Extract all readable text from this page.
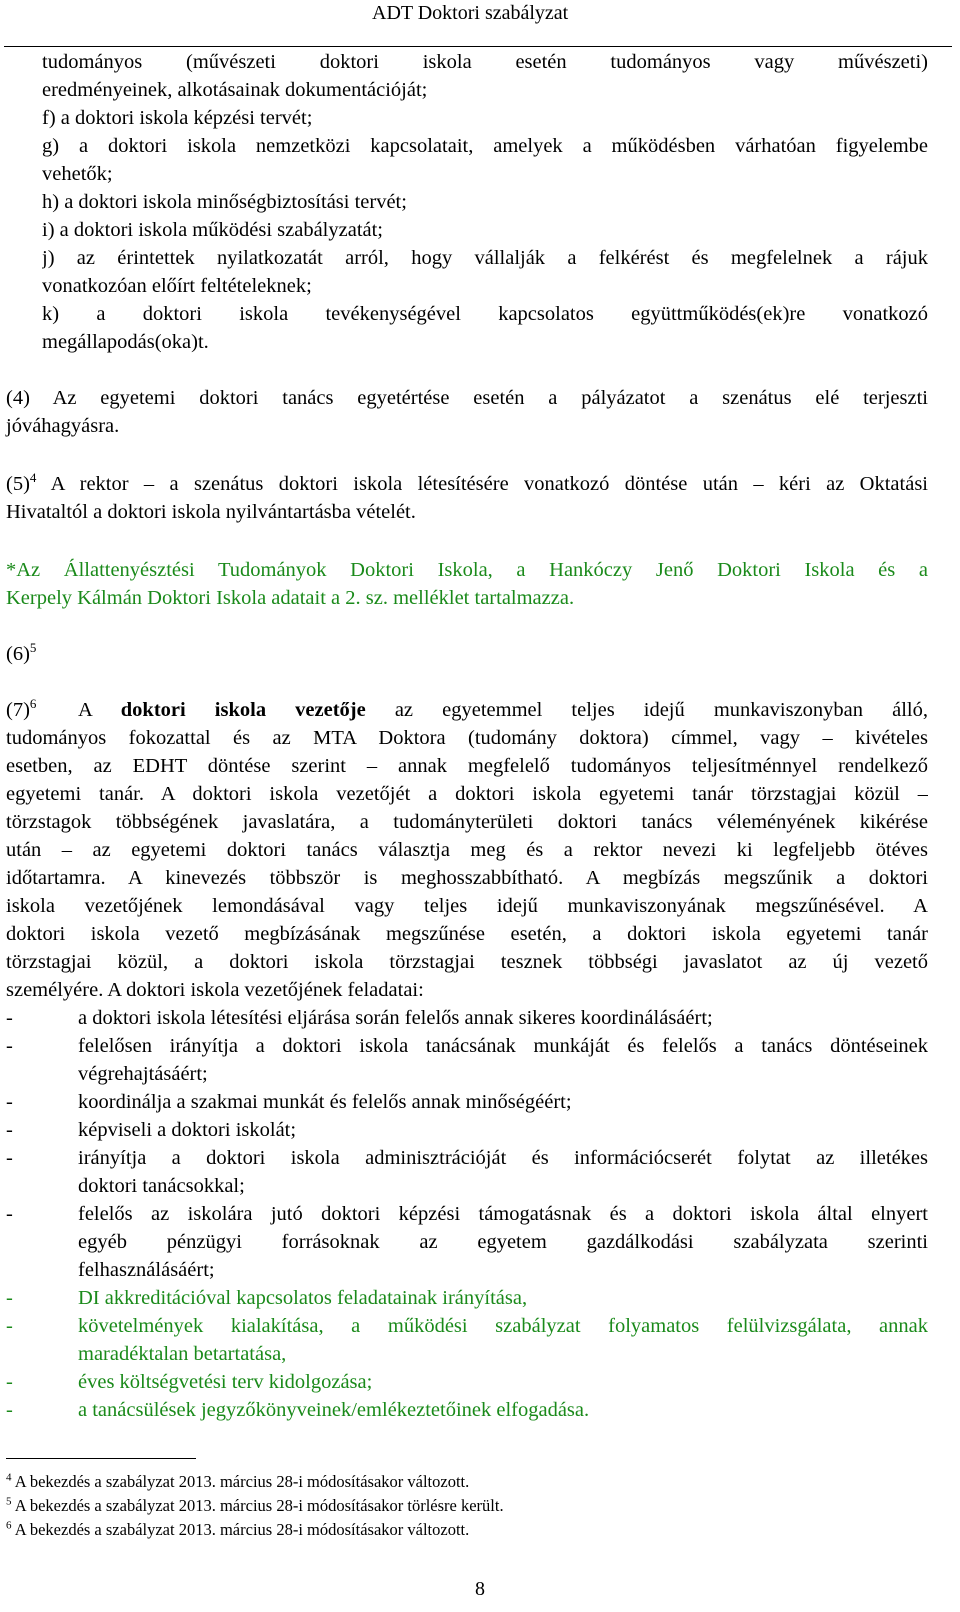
ADT Doktori szabályzat
tudományos (művészeti doktori iskola esetén tudományos vagy művészeti)
eredményeinek, alkotásainak dokumentációját;
f) a doktori iskola képzési tervét;
g) a doktori iskola nemzetközi kapcsolatait, amelyek a működésben várhatóan figyelembe
vehetők;
h) a doktori iskola minőségbiztosítási tervét;
i) a doktori iskola működési szabályzatát;
j) az érintettek nyilatkozatát arról, hogy vállalják a felkérést és megfelelnek a rájuk
vonatkozóan előírt feltételeknek;
k) a doktori iskola tevékenységével kapcsolatos együttműködés(ek)re vonatkozó
megállapodás(oka)t.
(4) Az egyetemi doktori tanács egyetértése esetén a pályázatot a szenátus elé terjeszti
jóváhagyásra.
$(5)^4$ A rektor – a szenátus doktori iskola létesítésére vonatkozó döntése után – kéri az Oktatási
Hivataltól a doktori iskola nyilvántartásba vételét.
*Az Állattenyésztési Tudományok Doktori Iskola, a Hankóczy Jenő Doktori Iskola és a
Kerpely Kálmán Doktori Iskola adatait a 2. sz. melléklet tartalmazza.
$(6)^5$
$(7)^6$	A doktori iskola vezetője az egyetemmel teljes idejű munkaviszonyban álló,
tudományos fokozattal és az MTA Doktora (tudomány doktora) címmel, vagy – kivételes
esetben, az EDHT döntése szerint – annak megfelelő tudományos teljesítménnyel rendelkező
egyetemi tanár. A doktori iskola vezetőjét a doktori iskola egyetemi tanár törzstagjai közül –
törzstagok többségének javaslatára, a tudományterületi doktori tanács véleményének kikérése
után – az egyetemi doktori tanács választja meg és a rektor nevezi ki legfeljebb ötéves
időtartamra. A kinevezés többször is meghosszabbítható. A megbízás megszűnik a doktori
iskola vezetőjének lemondásával vagy teljes idejű munkaviszonyának megszűnésével. A
doktori iskola vezető megbízásának megszűnése esetén, a doktori iskola egyetemi tanár
törzstagjai közül, a doktori iskola törzstagjai tesznek többségi javaslatot az új vezető
személyére. A doktori iskola vezetőjének feladatai:
-	a doktori iskola létesítési eljárása során felelős annak sikeres koordinálásáért;
-	felelősen irányítja a doktori iskola tanácsának munkáját és felelős a tanács döntéseinek
végrehajtásáért;
-	koordinálja a szakmai munkát és felelős annak minőségéért;
-	képviseli a doktori iskolát;
-	irányítja a doktori iskola adminisztrációját és információcserét folytat az illetékes
doktori tanácsokkal;
-	felelős az iskolára jutó doktori képzési támogatásnak és a doktori iskola által elnyert
egyéb pénzügyi forrásoknak az egyetem gazdálkodási szabályzata szerinti
felhasználásáért;
-	DI akkreditációval kapcsolatos feladatainak irányítása,
-	követelmények kialakítása, a működési szabályzat folyamatos felülvizsgálata, annak
maradéktalan betartatása,
-	éves költségvetési terv kidolgozása;
-	a tanácsülések jegyzőkönyveinek/emlékeztetőinek elfogadása.
$^4$ A bekezdés a szabályzat 2013. március 28-i módosításakor változott.
$^5$ A bekezdés a szabályzat 2013. március 28-i módosításakor törlésre került.
$^6$ A bekezdés a szabályzat 2013. március 28-i módosításakor változott.
8
